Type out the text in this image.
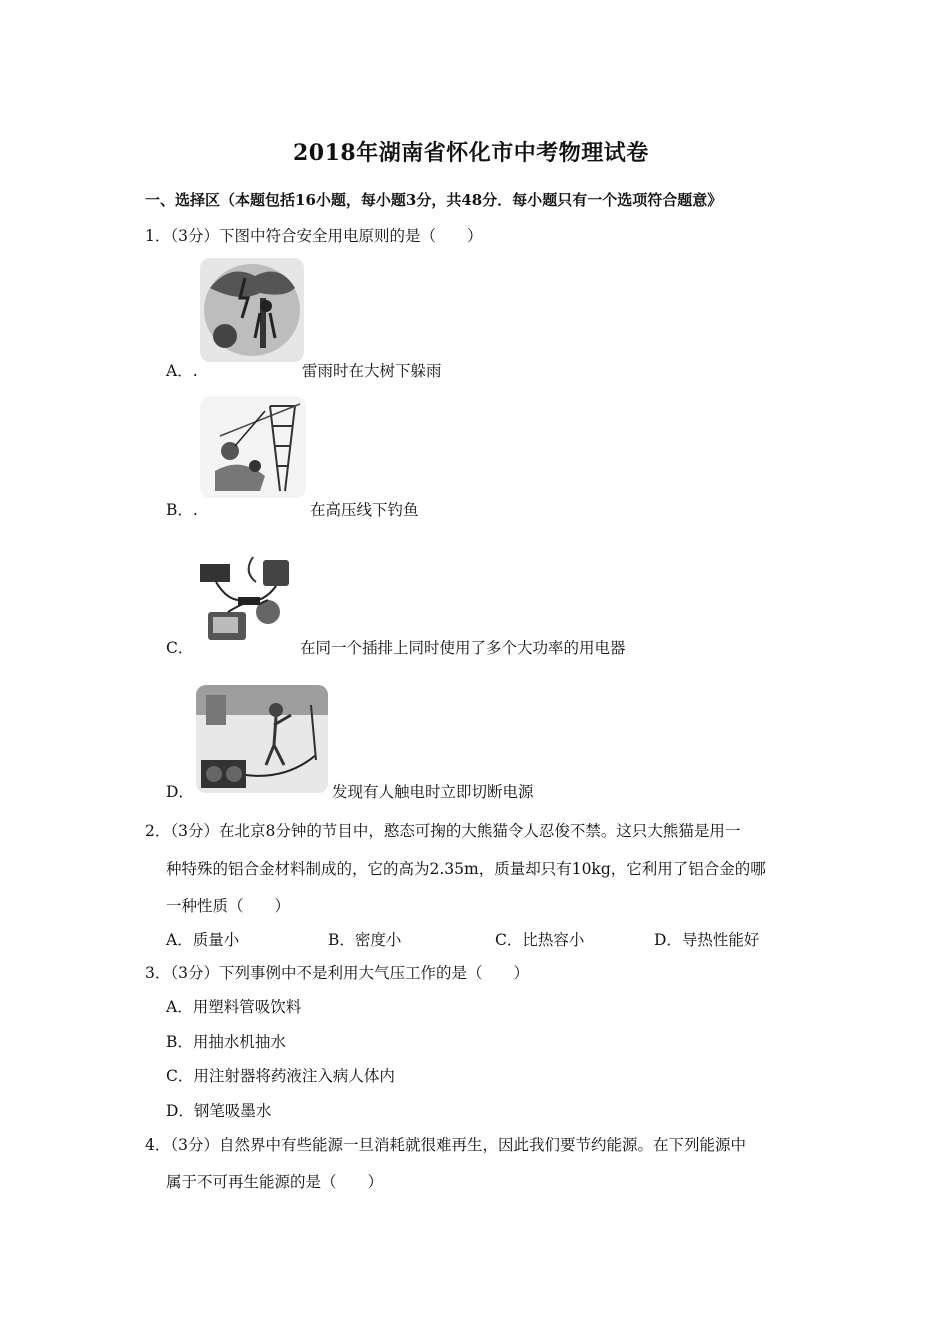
2018年湖南省怀化市中考物理试卷
一、选择区（本题包括16小题，每小题3分，共48分．每小题只有一个选项符合题意》
1．（3分）下图中符合安全用电原则的是（　　）
A．.	雷雨时在大树下躲雨
B．.	在高压线下钓鱼
C．	在同一个插排上同时使用了多个大功率的用电器
D．	发现有人触电时立即切断电源
2．（3分）在北京8分钟的节目中，憨态可掬的大熊猫令人忍俊不禁。这只大熊猫是用一
种特殊的铝合金材料制成的，它的高为2.35m，质量却只有10kg，它利用了铝合金的哪
一种性质（　　）
A．质量小	B．密度小	C．比热容小	D．导热性能好
3．（3分）下列事例中不是利用大气压工作的是（　　）
A．用塑料管吸饮料
B．用抽水机抽水
C．用注射器将药液注入病人体内
D．钢笔吸墨水
4．（3分）自然界中有些能源一旦消耗就很难再生，因此我们要节约能源。在下列能源中
属于不可再生能源的是（　　）
